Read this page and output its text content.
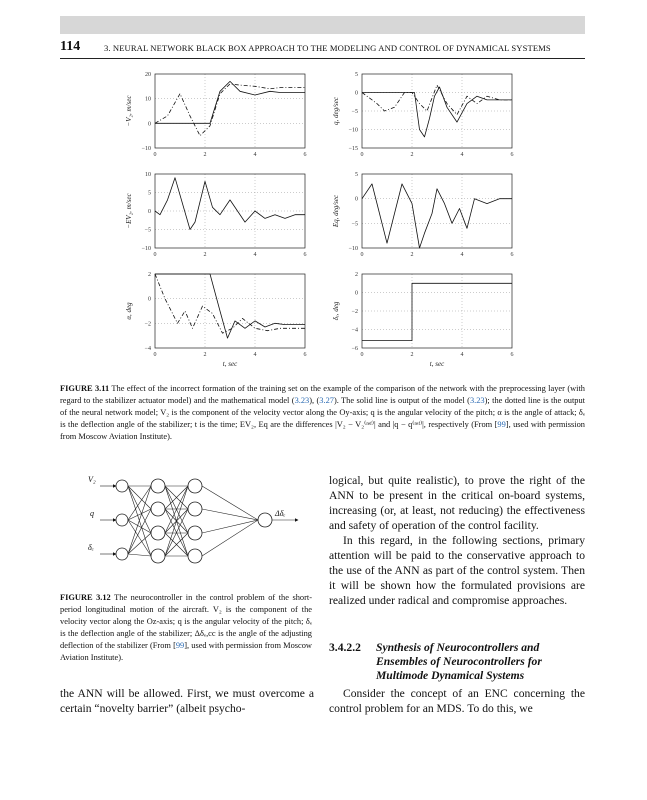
114	3. NEURAL NETWORK BLACK BOX APPROACH TO THE MODELING AND CONTROL OF DYNAMICAL SYSTEMS
0	2	4	6
20
10
0
−10
−V₂, m/sec
0	2	4	6
5
0
−5
−10
−15
q, deg/sec
0	2	4	6
10
5
0
−5
−10
−EV₂, m/sec
0	2	4	6
5
0
−5
−10
Eq, deg/sec
0	2	4	6
2
0
−2
−4
α, deg
t, sec
0	2	4	6
2
0
−2
−4
−6
δₑ, deg
t, sec
FIGURE 3.11 The effect of the incorrect formation of the training set on the example of the comparison of the network with the preprocessing layer (with regard to the stabilizer actuator model) and the mathematical model (3.23), (3.27). The solid line is output of the model (3.23); the dotted line is the output of the neural network model; V₂ is the component of the velocity vector along the Oy-axis; q is the angular velocity of the pitch; α is the angle of attack; δₑ is the deflection angle of the stabilizer; t is the time; EV₂, Eq are the differences |V₂ − V₂⁽ʳᵉᶠ⁾| and |q − q⁽ʳᵉᶠ⁾|, respectively (From [99], used with permission from Moscow Aviation Institute).
V₂
q
δₑ
Δδₑ
FIGURE 3.12 The neurocontroller in the control problem of the short-period longitudinal motion of the aircraft. V₂ is the component of the velocity vector along the Oz-axis; q is the angular velocity of the pitch; δₑ is the deflection angle of the stabilizer; Δδₑ,cc is the angle of the adjusting deflection of the stabilizer (From [99], used with permission from Moscow Aviation Institute).

logical, but quite realistic), to prove the right of the ANN to be present in the critical on-board systems, increasing (or, at least, not reducing) the effectiveness and safety of operation of the control facility.

In this regard, in the following sections, primary attention will be paid to the conservative approach to the use of the ANN as part of the control system. Then it will be shown how the formulated provisions are realized under radical and compromise approaches.

3.4.2.2 Synthesis of Neurocontrollers and Ensembles of Neurocontrollers for Multimode Dynamical Systems
Consider the concept of an ENC concerning the control problem for an MDS. To do this, we
the ANN will be allowed. First, we must overcome a certain “novelty barrier” (albeit psycho-
